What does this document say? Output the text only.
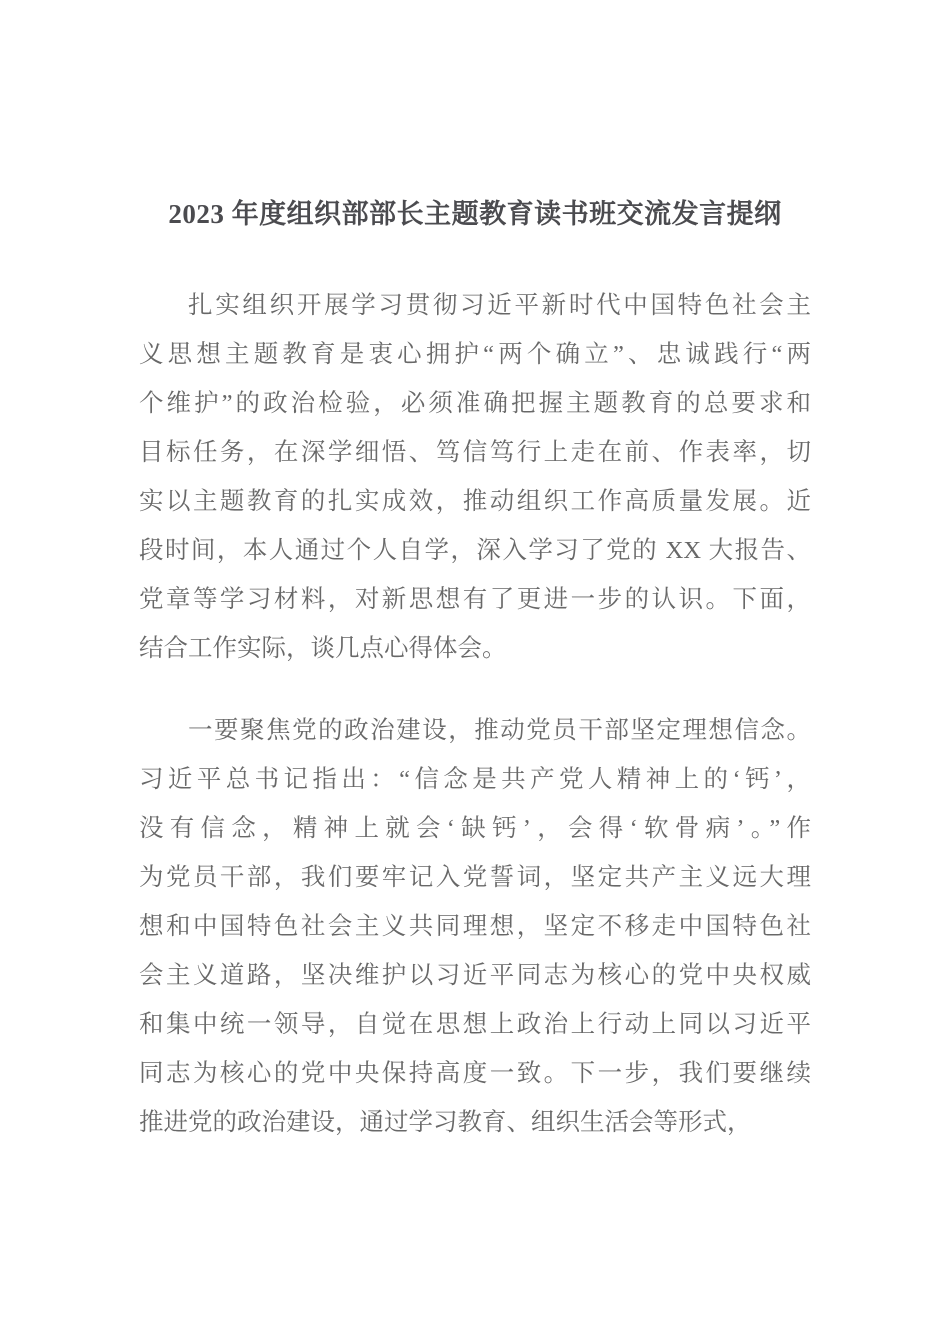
2023 年度组织部部长主题教育读书班交流发言提纲
扎实组织开展学习贯彻习近平新时代中国特色社会主
义思想主题教育是衷心拥护“两个确立”、忠诚践行“两
个维护”的政治检验，必须准确把握主题教育的总要求和
目标任务，在深学细悟、笃信笃行上走在前、作表率，切
实以主题教育的扎实成效，推动组织工作高质量发展。近
段时间，本人通过个人自学，深入学习了党的 XX 大报告、
党章等学习材料，对新思想有了更进一步的认识。下面，
结合工作实际，谈几点心得体会。
一要聚焦党的政治建设，推动党员干部坚定理想信念。
习近平总书记指出：“信念是共产党人精神上的‘钙’，
没有信念，精神上就会‘缺钙’，会得‘软骨病’。”作
为党员干部，我们要牢记入党誓词，坚定共产主义远大理
想和中国特色社会主义共同理想，坚定不移走中国特色社
会主义道路，坚决维护以习近平同志为核心的党中央权威
和集中统一领导，自觉在思想上政治上行动上同以习近平
同志为核心的党中央保持高度一致。下一步，我们要继续
推进党的政治建设，通过学习教育、组织生活会等形式，
